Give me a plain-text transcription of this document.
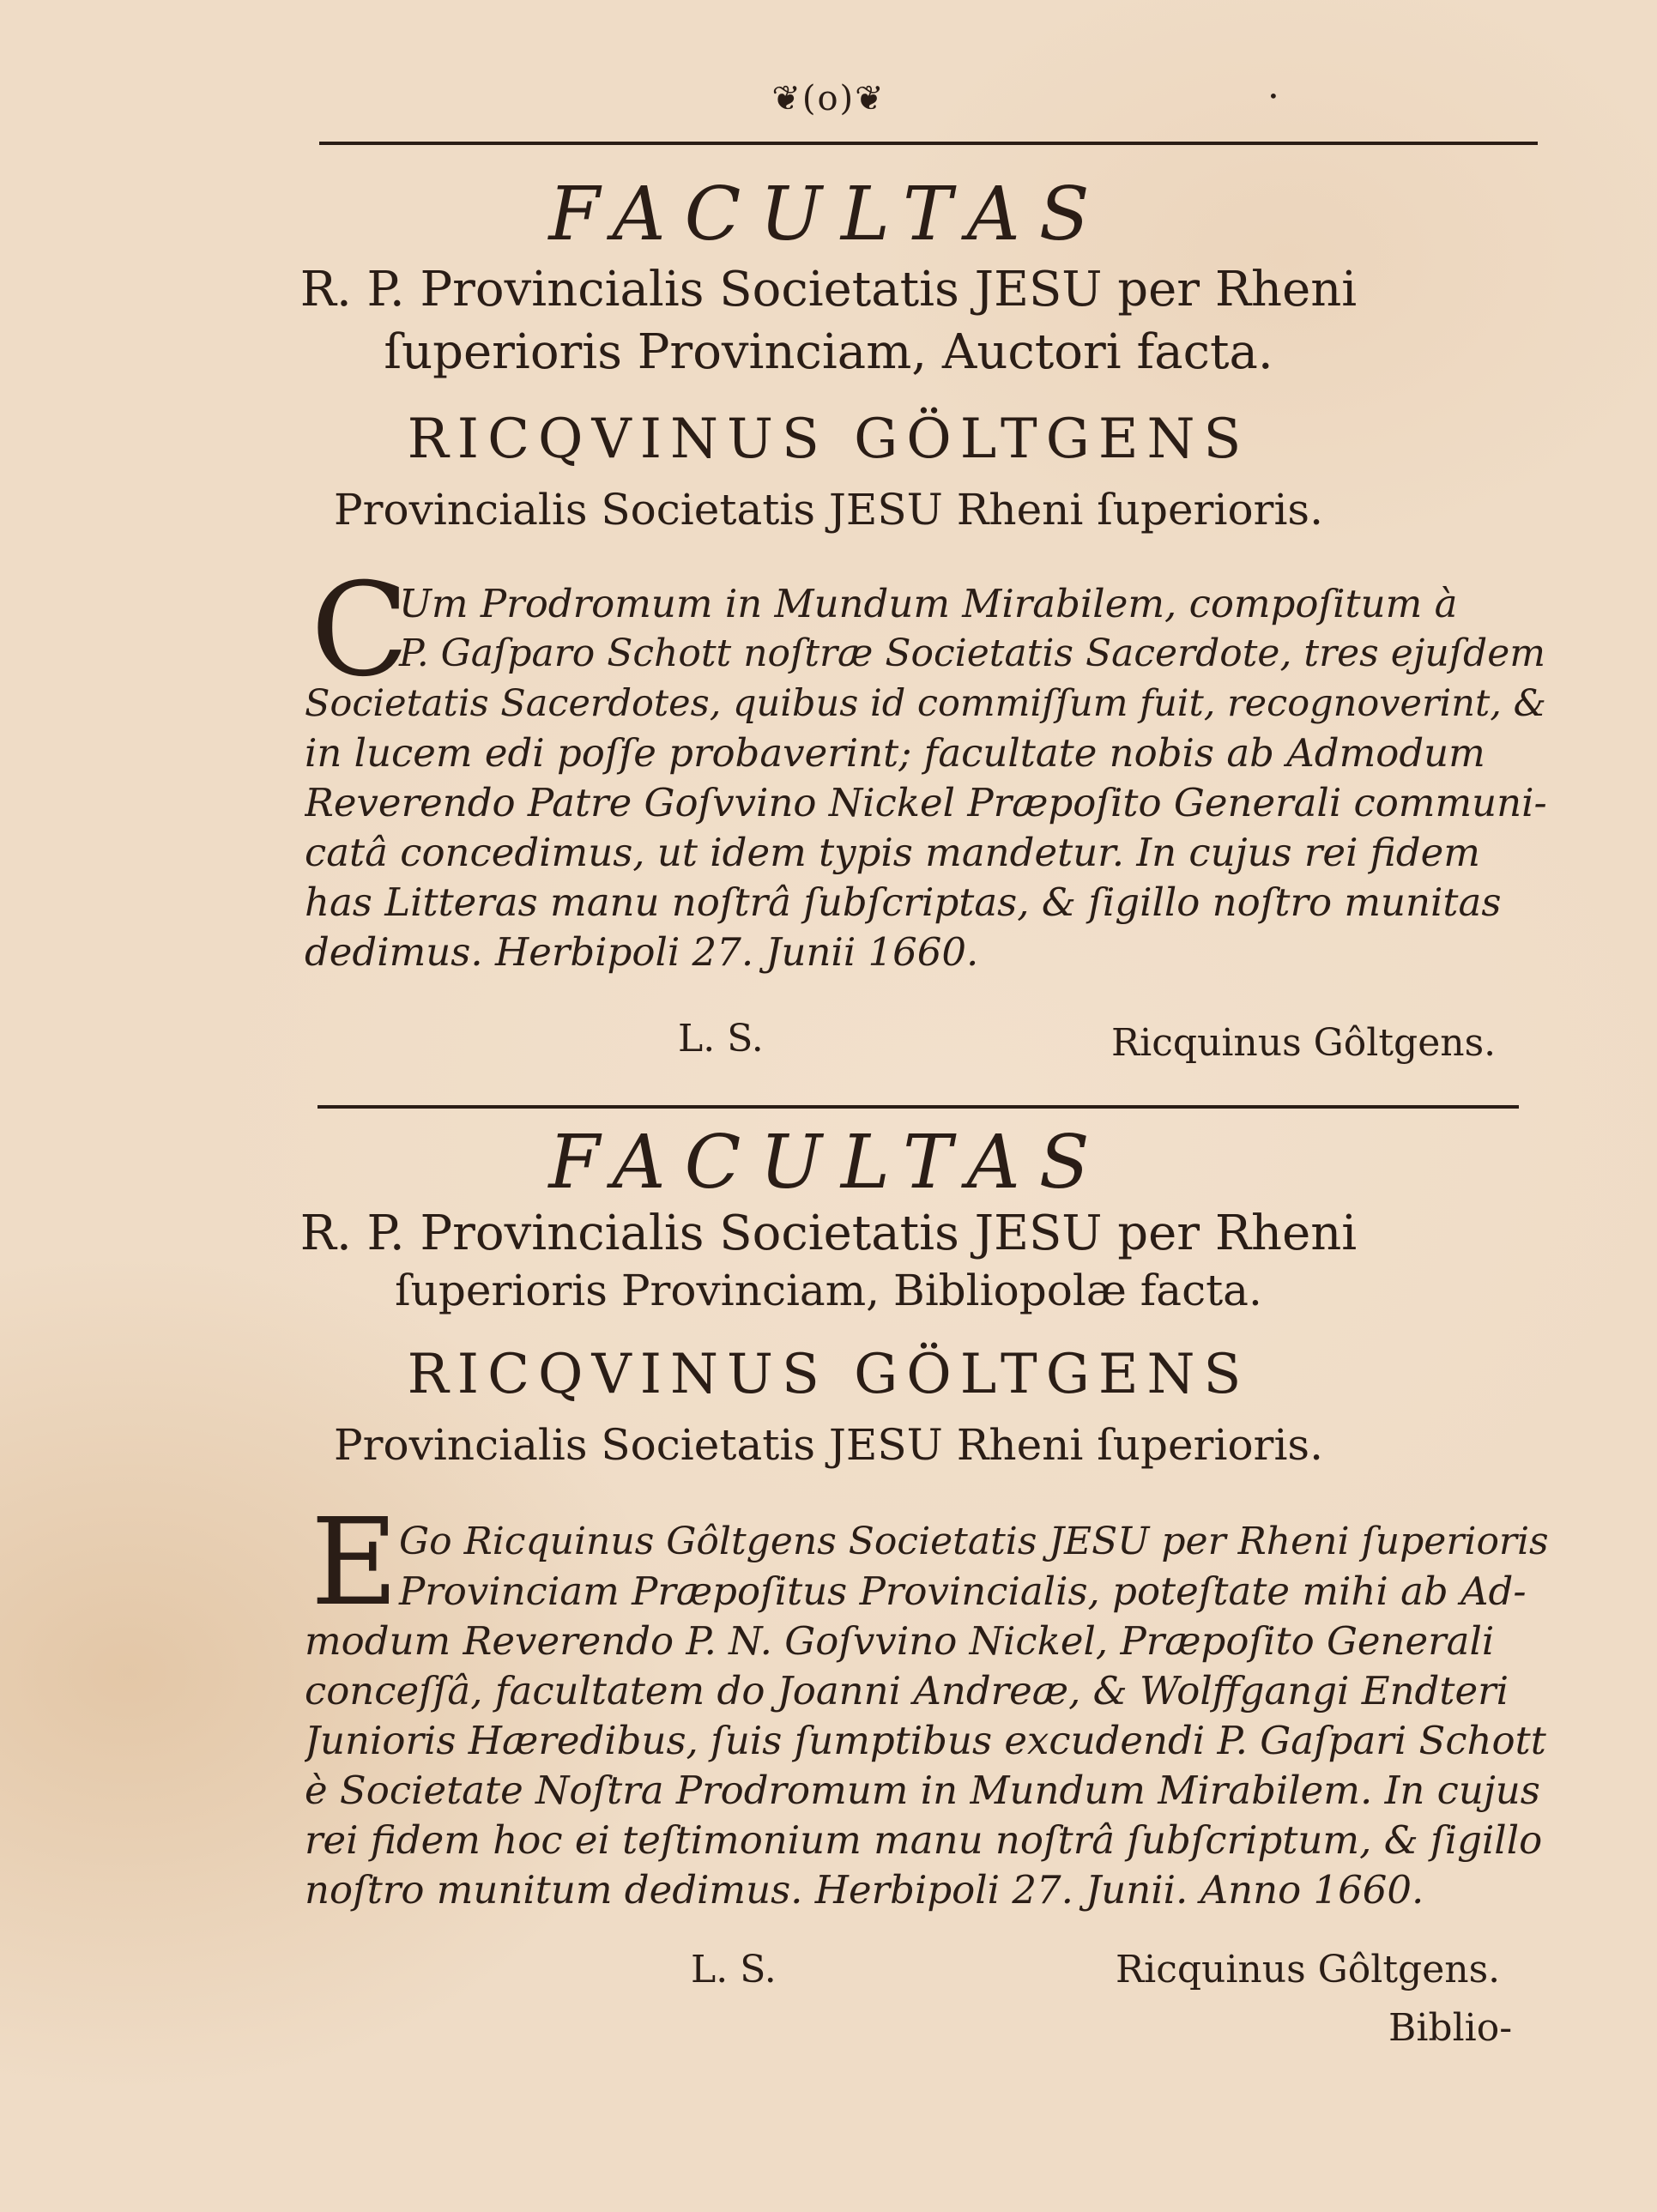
❦(o)❦	•
FACULTAS
R. P. Provincialis Societatis JESU per Rheni
ſuperioris Provinciam, Auctori facta.
RICQVINUS GÖLTGENS
Provincialis Societatis JESU Rheni ſuperioris.
C
Um Prodromum in Mundum Mirabilem, compoſitum à
P. Gaſparo Schott noſtræ Societatis Sacerdote, tres ejuſdem
Societatis Sacerdotes, quibus id commiſſum fuit, recognoverint, &
in lucem edi poſſe probaverint; facultate nobis ab Admodum
Reverendo Patre Goſvvino Nickel Præpoſito Generali communi-
catâ concedimus, ut idem typis mandetur. In cujus rei fidem
has Litteras manu noſtrâ ſubſcriptas, & ſigillo noſtro munitas
dedimus. Herbipoli 27. Junii 1660.
L. S.	Ricquinus Gôltgens.
FACULTAS
R. P. Provincialis Societatis JESU per Rheni
ſuperioris Provinciam, Bibliopolæ facta.
RICQVINUS GÖLTGENS
Provincialis Societatis JESU Rheni ſuperioris.
E Go Ricquinus Gôltgens Societatis JESU per Rheni ſuperioris
Provinciam Præpoſitus Provincialis, poteſtate mihi ab Ad-
modum Reverendo P. N. Goſvvino Nickel, Præpoſito Generali
conceſſâ, facultatem do Joanni Andreæ, & Wolffgangi Endteri
Junioris Hæredibus, ſuis ſumptibus excudendi P. Gaſpari Schott
è Societate Noſtra Prodromum in Mundum Mirabilem. In cujus
rei fidem hoc ei teſtimonium manu noſtrâ ſubſcriptum, & ſigillo
noſtro munitum dedimus. Herbipoli 27. Junii. Anno 1660.
L. S.	Ricquinus Gôltgens.
Biblio-
